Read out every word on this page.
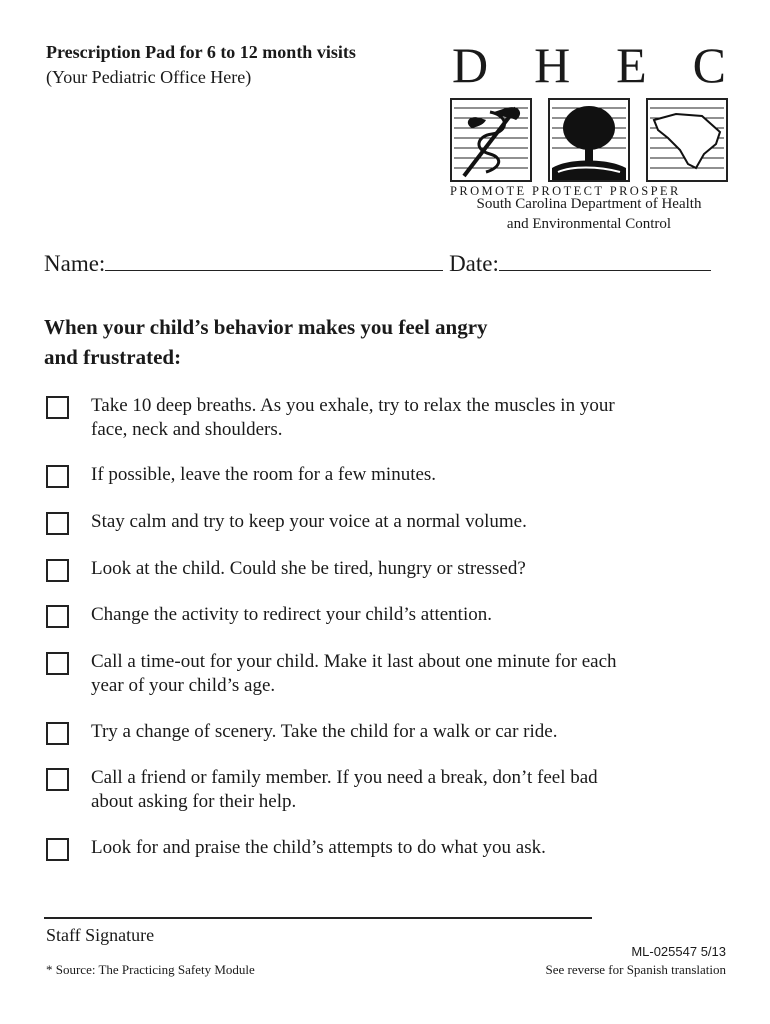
Prescription Pad for 6 to 12 month visits
(Your Pediatric Office Here)	D H E C
PROMOTE PROTECT PROSPER
South Carolina Department of Health
and Environmental Control
Name:	Date:
When your child’s behavior makes you feel angry
and frustrated:
Take 10 deep breaths. As you exhale, try to relax the muscles in your
face, neck and shoulders.
If possible, leave the room for a few minutes.
Stay calm and try to keep your voice at a normal volume.
Look at the child. Could she be tired, hungry or stressed?
Change the activity to redirect your child’s attention.
Call a time-out for your child. Make it last about one minute for each
year of your child’s age.
Try a change of scenery. Take the child for a walk or car ride.
Call a friend or family member. If you need a break, don’t feel bad
about asking for their help.
Look for and praise the child’s attempts to do what you ask.
Staff Signature
* Source: The Practicing Safety Module
ML-025547 5/13
See reverse for Spanish translation
